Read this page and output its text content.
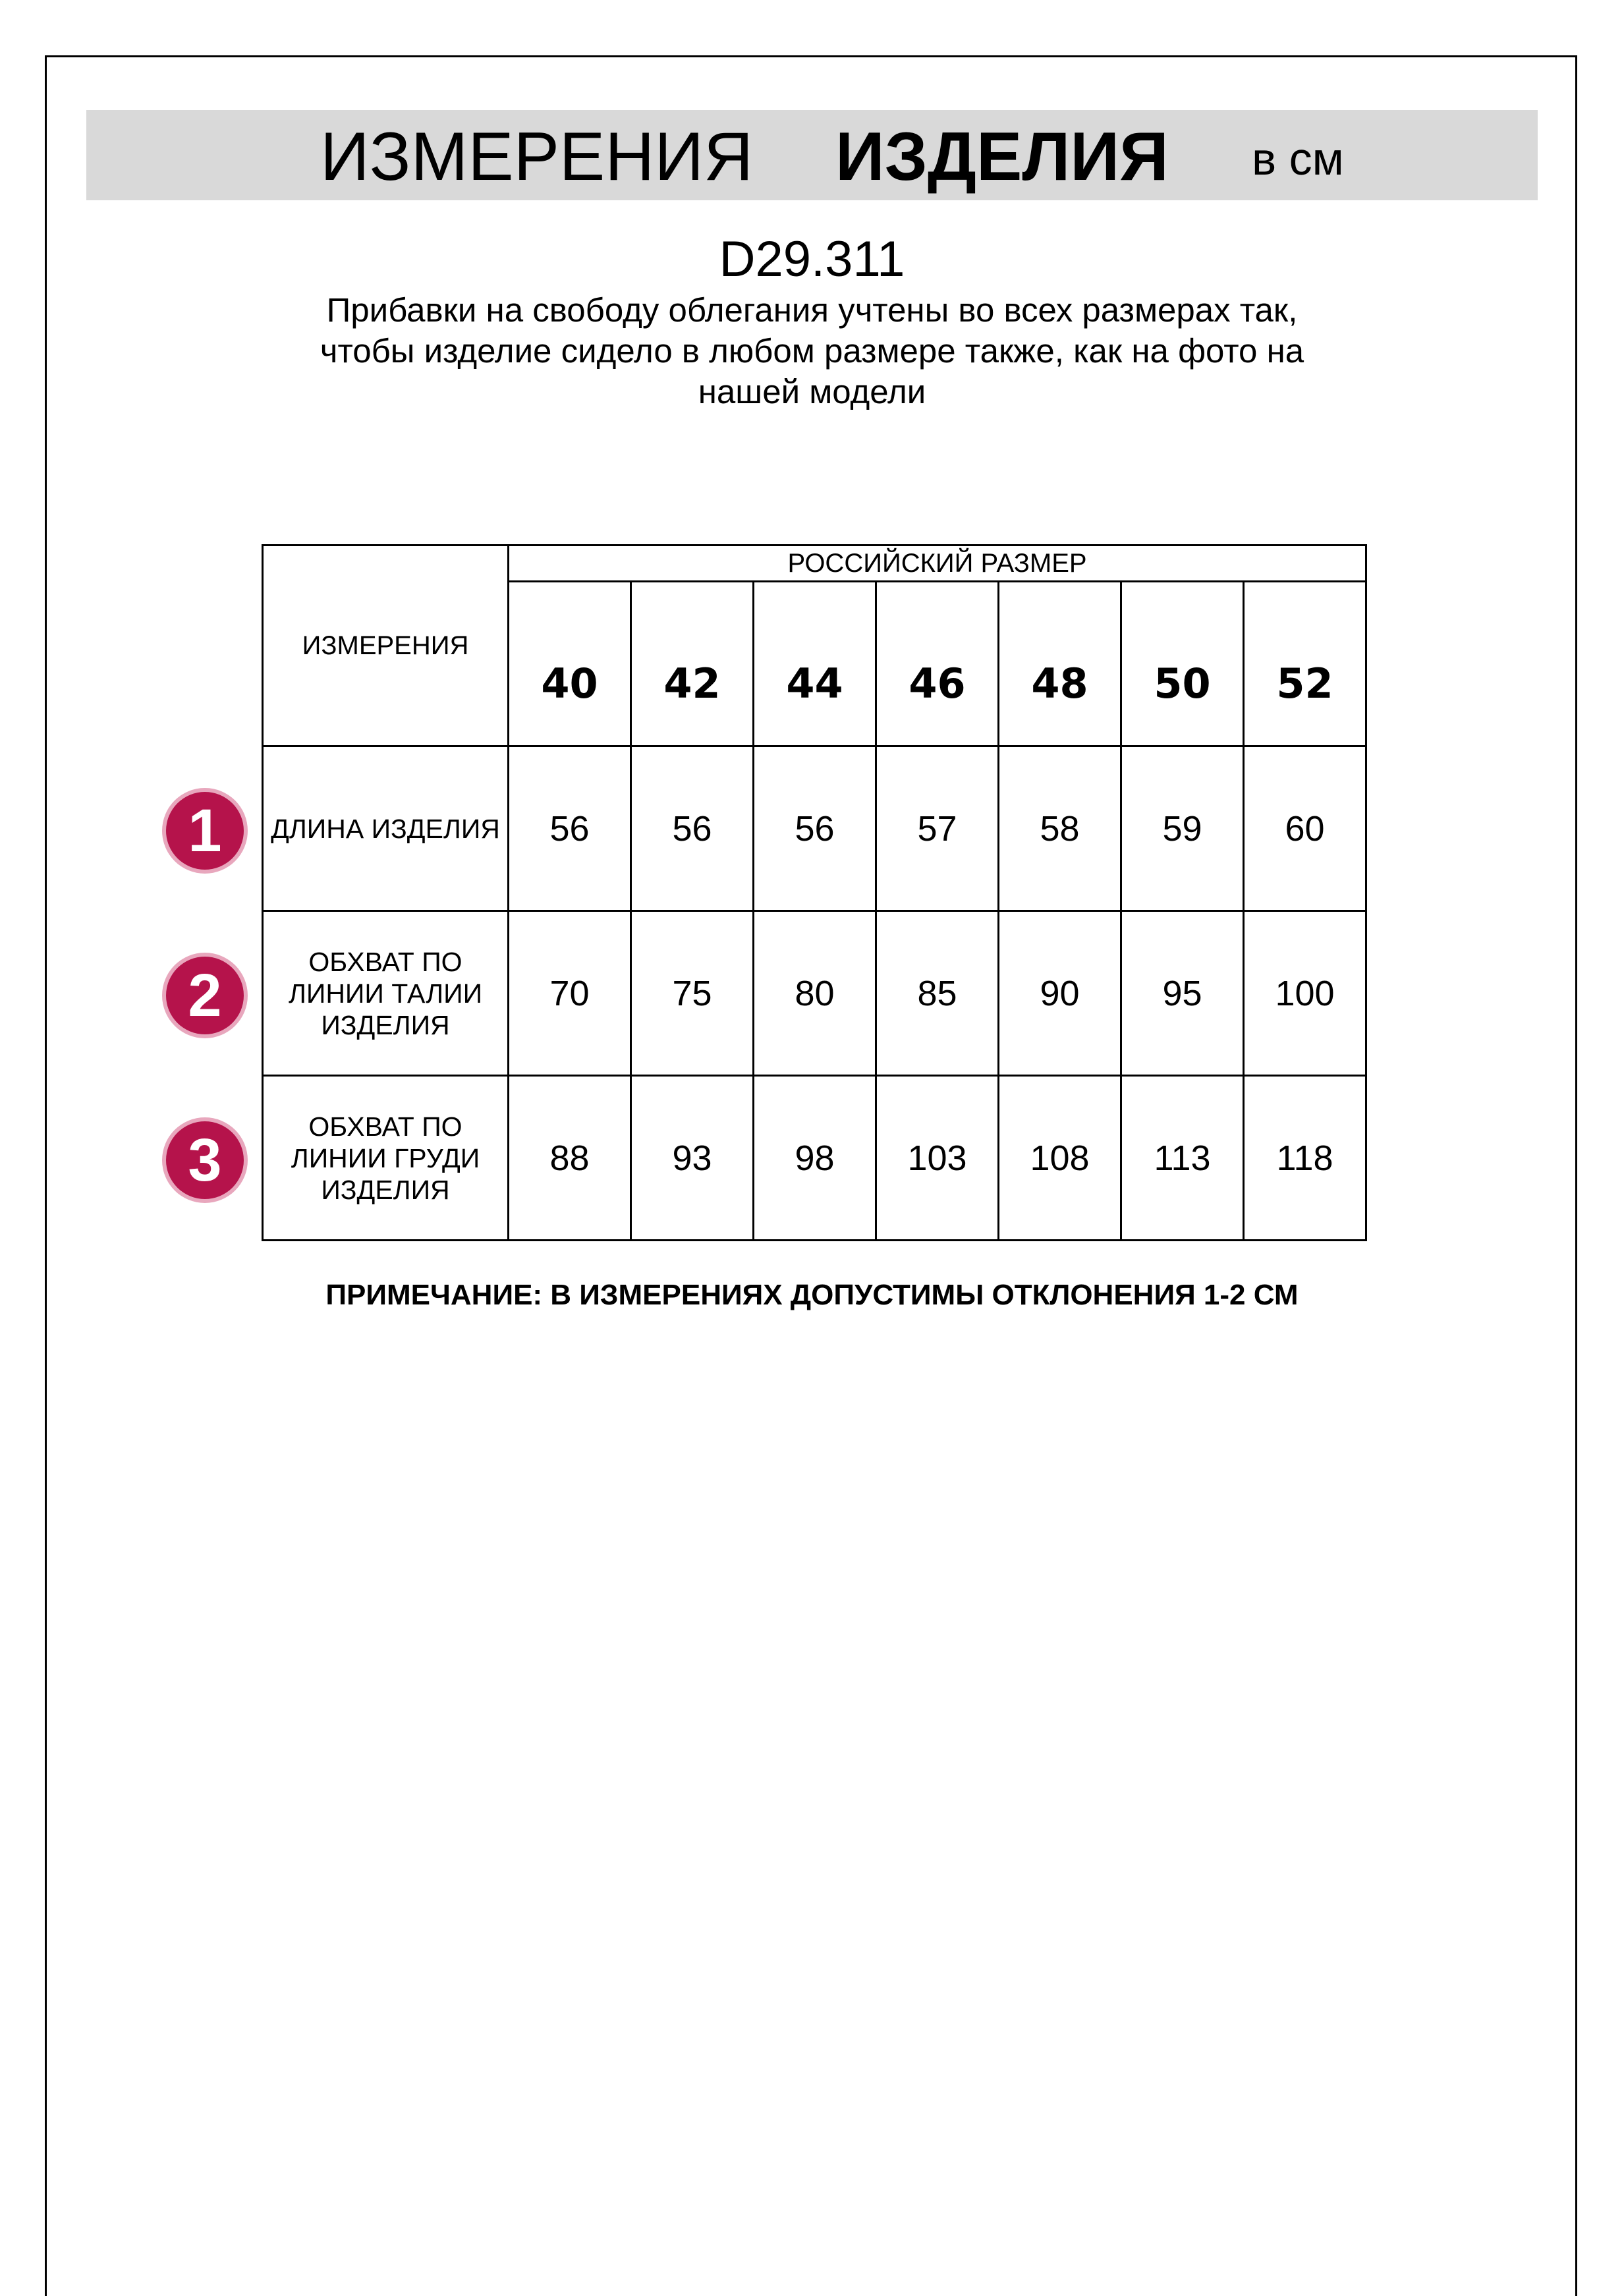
ИЗМЕРЕНИЯ ИЗДЕЛИЯ в см
D29.311
Прибавки на свободу облегания учтены во всех размерах так,
чтобы изделие сидело в любом размере также, как на фото на
нашей модели
1
2
3
ИЗМЕРЕНИЯ	РОССИЙСКИЙ РАЗМЕР						
	40	42	44	46	48	50	52

ДЛИНА ИЗДЕЛИЯ	56	56	56	57	58	59	60

ОБХВАТ ПО
ЛИНИИ ТАЛИИ
ИЗДЕЛИЯ	70	75	80	85	90	95	100

ОБХВАТ ПО
ЛИНИИ ГРУДИ
ИЗДЕЛИЯ	88	93	98	103	108	113	118
ПРИМЕЧАНИЕ: В ИЗМЕРЕНИЯХ ДОПУСТИМЫ ОТКЛОНЕНИЯ 1-2 СМ
